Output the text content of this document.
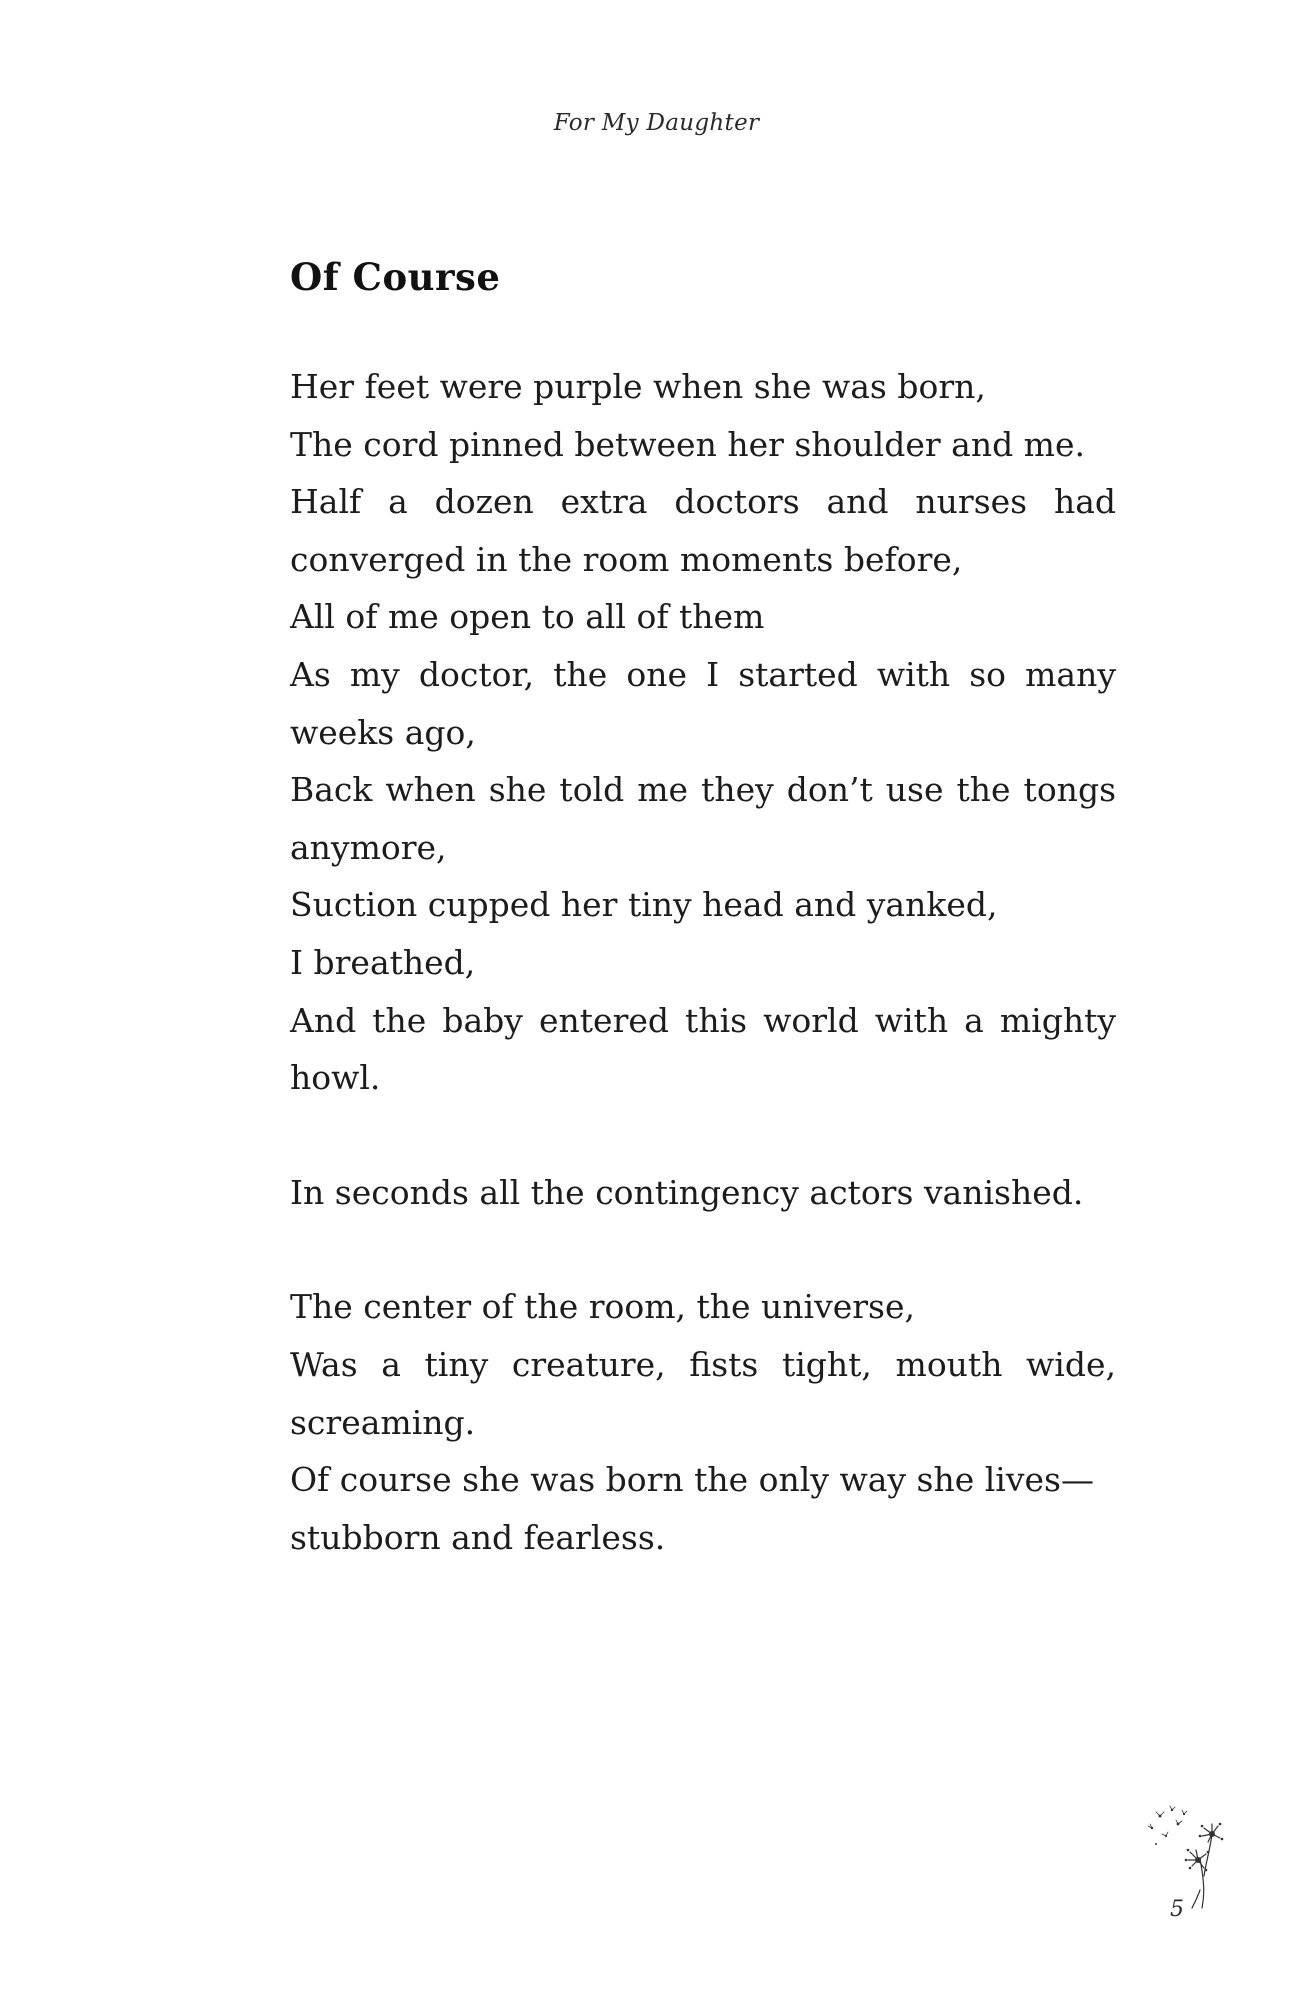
For My Daughter
Of Course
Her feet were purple when she was born,
The cord pinned between her shoulder and me.
Half a dozen extra doctors and nurses had converged in the room moments before,
All of me open to all of them
As my doctor, the one I started with so many weeks ago,
Back when she told me they don’t use the tongs anymore,
Suction cupped her tiny head and yanked,
I breathed,
And the baby entered this world with a mighty howl.
In seconds all the contingency actors vanished.
The center of the room, the universe,
Was a tiny creature, fists tight, mouth wide, screaming.
Of course she was born the only way she lives—stubborn and fearless.
5
